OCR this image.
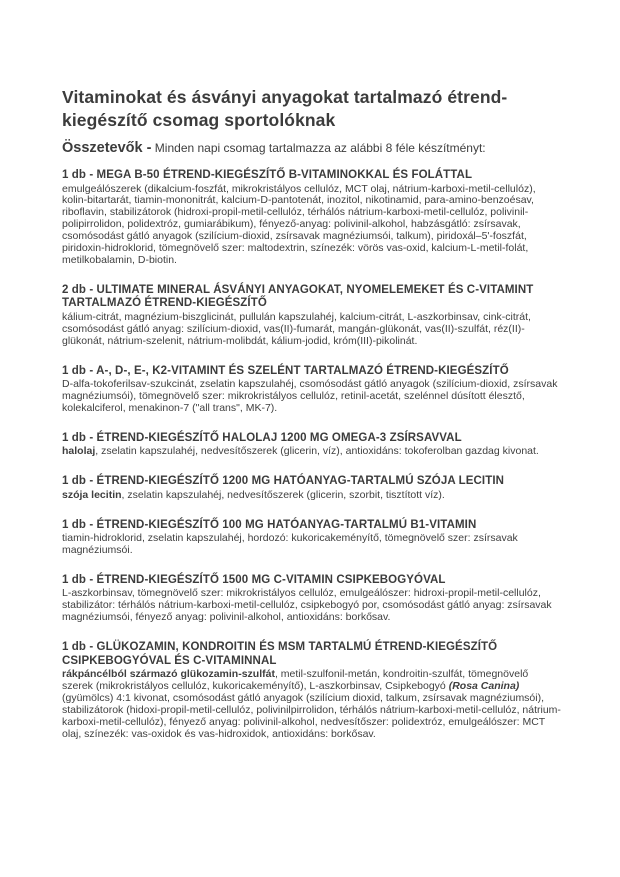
Vitaminokat és ásványi anyagokat tartalmazó étrend-kiegészítő csomag sportolóknak

Összetevők - Minden napi csomag tartalmazza az alábbi 8 féle készítményt:

1 db - MEGA B-50 ÉTREND-KIEGÉSZÍTŐ B-VITAMINOKKAL ÉS FOLÁTTAL

emulgeálószerek (dikalcium-foszfát, mikrokristályos cellulóz, MCT olaj, nátrium-karboxi-metil-cellulóz), kolin-bitartarát, tiamin-mononitrát, kalcium-D-pantotenát, inozitol, nikotinamid, para-amino-benzoésav, riboflavin, stabilizátorok (hidroxi-propil-metil-cellulóz, térhálós nátrium-karboxi-metil-cellulóz, polivinil-polipirrolidon, polidextróz, gumiarábikum), fényező-anyag: polivinil-alkohol, habzásgátló: zsírsavak, csomósodást gátló anyagok (szilícium-dioxid, zsírsavak magnéziumsói, talkum), piridoxál–5'-foszfát, piridoxin-hidroklorid, tömegnövelő szer: maltodextrin, színezék: vörös vas-oxid, kalcium-L-metil-folát, metilkobalamin, D-biotin.

2 db - ULTIMATE MINERAL ÁSVÁNYI ANYAGOKAT, NYOMELEMEKET ÉS C-VITAMINT TARTALMAZÓ ÉTREND-KIEGÉSZÍTŐ

kálium-citrát, magnézium-biszglicinát, pullulán kapszulahéj, kalcium-citrát, L-aszkorbinsav, cink-citrát, csomósodást gátló anyag: szilícium-dioxid, vas(II)-fumarát, mangán-glükonát, vas(II)-szulfát, réz(II)-glükonát, nátrium-szelenit, nátrium-molibdát, kálium-jodid, króm(III)-pikolinát.

1 db - A-, D-, E-, K2-VITAMINT ÉS SZELÉNT TARTALMAZÓ ÉTREND-KIEGÉSZÍTŐ

D-alfa-tokoferilsav-szukcinát, zselatin kapszulahéj, csomósodást gátló anyagok (szilícium-dioxid, zsírsavak magnéziumsói), tömegnövelő szer: mikrokristályos cellulóz, retinil-acetát, szelénnel dúsított élesztő, kolekalciferol, menakinon-7 ("all trans", MK-7).

1 db - ÉTREND-KIEGÉSZÍTŐ HALOLAJ 1200 MG OMEGA-3 ZSÍRSAVVAL

halolaj, zselatin kapszulahéj, nedvesítőszerek (glicerin, víz), antioxidáns: tokoferolban gazdag kivonat.

1 db - ÉTREND-KIEGÉSZÍTŐ 1200 MG HATÓANYAG-TARTALMÚ SZÓJA LECITIN

szója lecitin, zselatin kapszulahéj, nedvesítőszerek (glicerin, szorbit, tisztított víz).

1 db - ÉTREND-KIEGÉSZÍTŐ 100 MG HATÓANYAG-TARTALMÚ B1-VITAMIN

tiamin-hidroklorid, zselatin kapszulahéj, hordozó: kukoricakeményítő, tömegnövelő szer: zsírsavak magnéziumsói.

1 db - ÉTREND-KIEGÉSZÍTŐ 1500 MG C-VITAMIN CSIPKEBOGYÓVAL

L-aszkorbinsav, tömegnövelő szer: mikrokristályos cellulóz, emulgeálószer: hidroxi-propil-metil-cellulóz, stabilizátor: térhálós nátrium-karboxi-metil-cellulóz, csipkebogyó por, csomósodást gátló anyag: zsírsavak magnéziumsói, fényező anyag: polivinil-alkohol, antioxidáns: borkősav.

1 db - GLÜKOZAMIN, KONDROITIN ÉS MSM TARTALMÚ ÉTREND-KIEGÉSZÍTŐ CSIPKEBOGYÓVAL ÉS C-VITAMINNAL

rákpáncélból származó glükozamin-szulfát, metil-szulfonil-metán, kondroitin-szulfát, tömegnövelő szerek (mikrokristályos cellulóz, kukoricakeményítő), L-aszkorbinsav, Csipkebogyó (Rosa Canina) (gyümölcs) 4:1 kivonat, csomósodást gátló anyagok (szilícium dioxid, talkum, zsírsavak magnéziumsói), stabilizátorok (hidoxi-propil-metil-cellulóz, polivinilpirrolidon, térhálós nátrium-karboxi-metil-cellulóz, nátrium-karboxi-metil-cellulóz), fényező anyag: polivinil-alkohol, nedvesítőszer: polidextróz, emulgeálószer: MCT olaj, színezék: vas-oxidok és vas-hidroxidok, antioxidáns: borkősav.
